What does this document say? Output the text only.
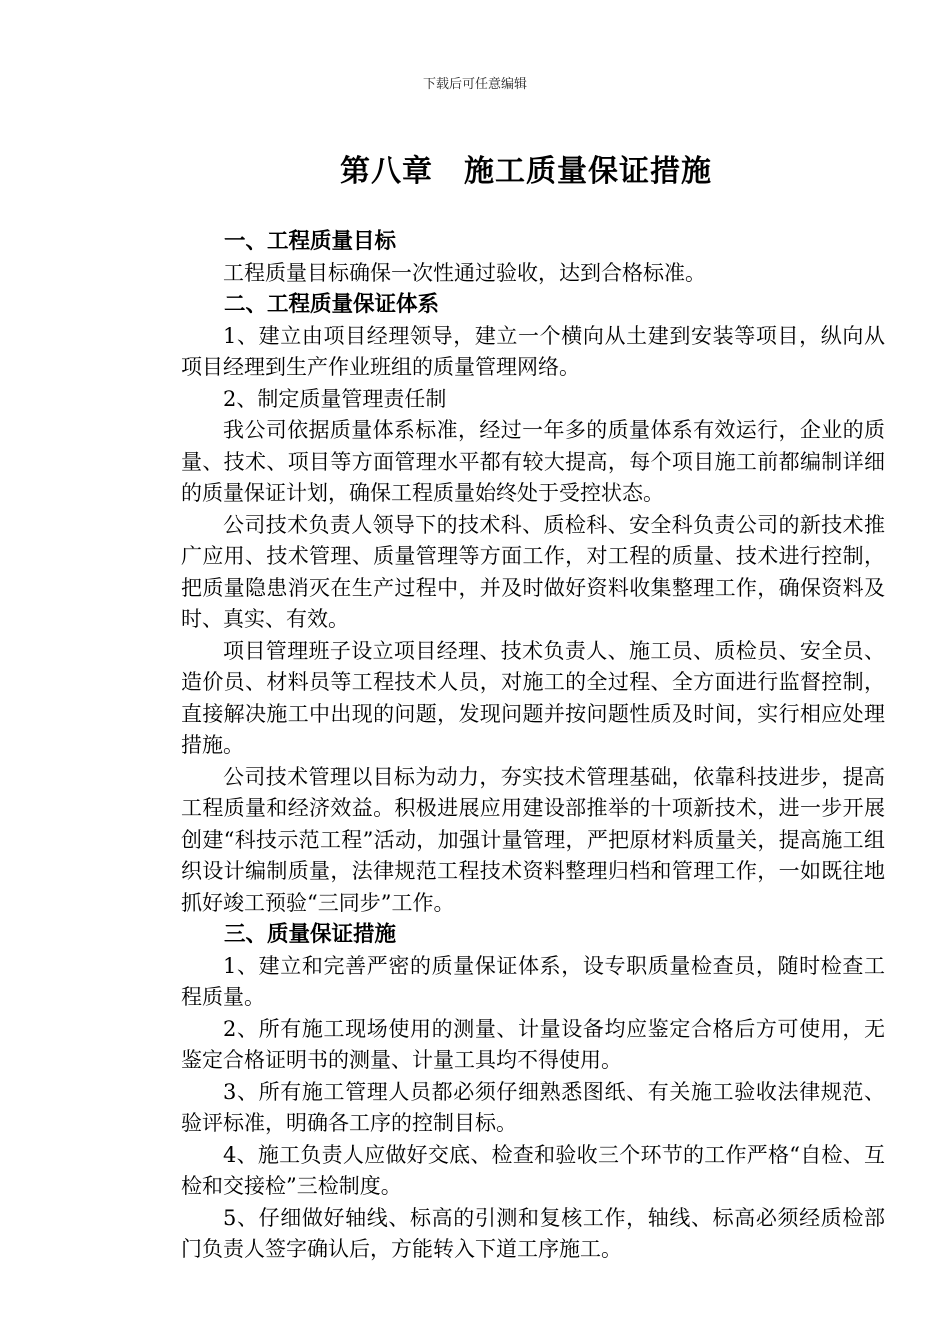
下载后可任意编辑
第八章　施工质量保证措施

一、工程质量目标

工程质量目标确保一次性通过验收，达到合格标准。

二、工程质量保证体系

1、建立由项目经理领导，建立一个横向从土建到安装等项目，纵向从项目经理到生产作业班组的质量管理网络。

2、制定质量管理责任制

我公司依据质量体系标准，经过一年多的质量体系有效运行，企业的质量、技术、项目等方面管理水平都有较大提高，每个项目施工前都编制详细的质量保证计划，确保工程质量始终处于受控状态。

公司技术负责人领导下的技术科、质检科、安全科负责公司的新技术推广应用、技术管理、质量管理等方面工作，对工程的质量、技术进行控制，把质量隐患消灭在生产过程中，并及时做好资料收集整理工作，确保资料及时、真实、有效。

项目管理班子设立项目经理、技术负责人、施工员、质检员、安全员、造价员、材料员等工程技术人员，对施工的全过程、全方面进行监督控制，直接解决施工中出现的问题，发现问题并按问题性质及时间，实行相应处理措施。

公司技术管理以目标为动力，夯实技术管理基础，依靠科技进步，提高工程质量和经济效益。积极进展应用建设部推举的十项新技术，进一步开展创建“科技示范工程”活动，加强计量管理，严把原材料质量关，提高施工组织设计编制质量，法律规范工程技术资料整理归档和管理工作，一如既往地抓好竣工预验“三同步”工作。

三、质量保证措施

1、建立和完善严密的质量保证体系，设专职质量检查员，随时检查工程质量。

2、所有施工现场使用的测量、计量设备均应鉴定合格后方可使用，无鉴定合格证明书的测量、计量工具均不得使用。

3、所有施工管理人员都必须仔细熟悉图纸、有关施工验收法律规范、验评标准，明确各工序的控制目标。

4、施工负责人应做好交底、检查和验收三个环节的工作严格“自检、互检和交接检”三检制度。

5、仔细做好轴线、标高的引测和复核工作，轴线、标高必须经质检部门负责人签字确认后，方能转入下道工序施工。
